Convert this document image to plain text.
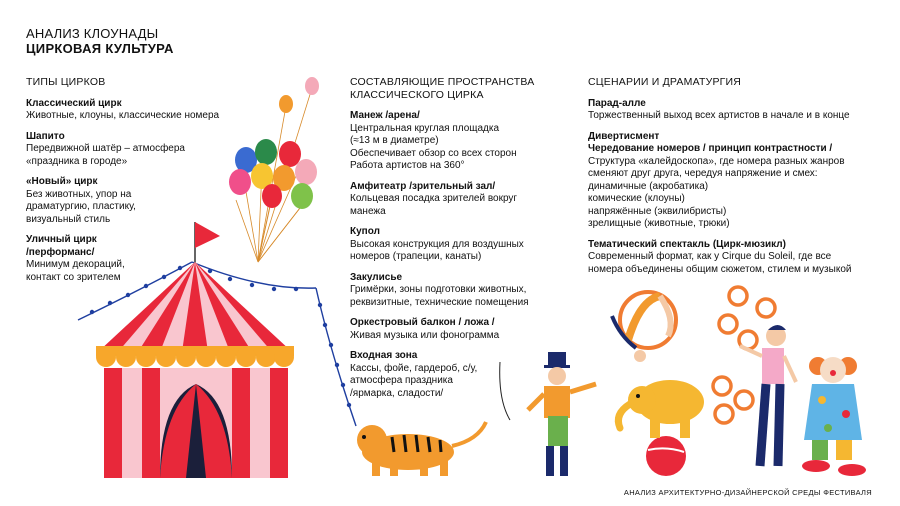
АНАЛИЗ КЛОУНАДЫ
ЦИРКОВАЯ КУЛЬТУРА
ТИПЫ ЦИРКОВ
Классический цирк
Животные, клоуны, классические номера
Шапито
Передвижной шатёр – атмосфера
«праздника в городе»
«Новый» цирк
Без животных, упор на
драматургию, пластику,
визуальный стиль
Уличный цирк
/перформанс/
Минимум декораций,
контакт со зрителем
СОСТАВЛЯЮЩИЕ ПРОСТРАНСТВА
КЛАССИЧЕСКОГО ЦИРКА
Манеж /арена/
Центральная круглая площадка
(≈13 м в диаметре)
Обеспечивает обзор со всех сторон
Работа артистов на 360°
Амфитеатр /зрительный зал/
Кольцевая посадка зрителей вокруг
манежа
Купол
Высокая конструкция для воздушных
номеров (трапеции, канаты)
Закулисье
Гримёрки, зоны подготовки животных,
реквизитные, технические помещения
Оркестровый балкон / ложа /
Живая музыка или фонограмма
Входная зона
Кассы, фойе, гардероб, с/у,
атмосфера праздника
/ярмарка, сладости/
СЦЕНАРИИ И ДРАМАТУРГИЯ
Парад-алле
Торжественный выход всех артистов в начале и в конце
Дивертисмент
Чередование номеров / принцип контрастности /
Структура «калейдоскопа», где номера разных жанров
сменяют друг друга, чередуя напряжение и смех:
динамичные (акробатика)
комические (клоуны)
напряжённые (эквилибристы)
зрелищные (животные, трюки)
Тематический спектакль (Цирк-мюзикл)
Современный формат, как у Cirque du Soleil, где все
номера объединены общим сюжетом, стилем и музыкой
АНАЛИЗ АРХИТЕКТУРНО-ДИЗАЙНЕРСКОЙ СРЕДЫ ФЕСТИВАЛЯ
